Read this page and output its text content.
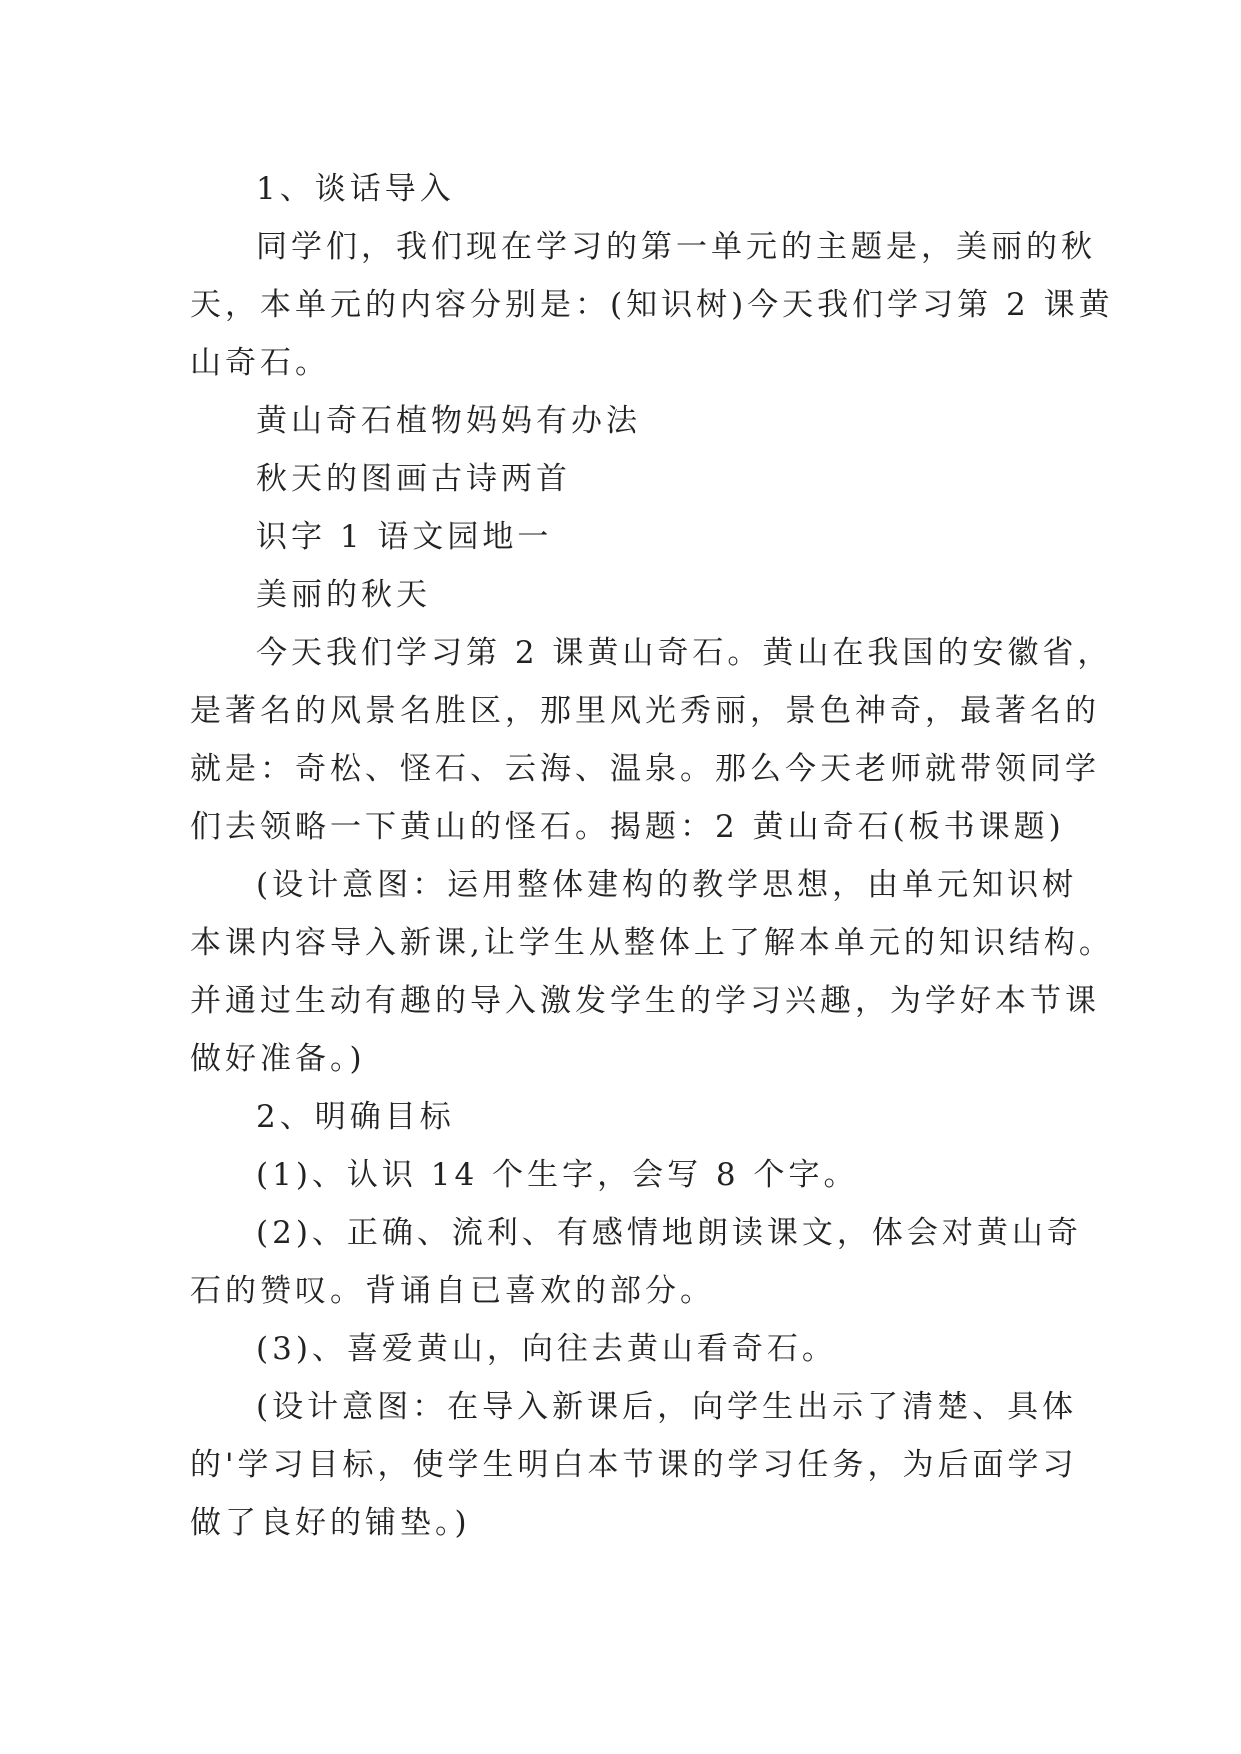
1、谈话导入
同学们，我们现在学习的第一单元的主题是，美丽的秋
天，本单元的内容分别是：(知识树)今天我们学习第 2 课黄
山奇石。
黄山奇石植物妈妈有办法
秋天的图画古诗两首
识字 1 语文园地一
美丽的秋天
今天我们学习第 2 课黄山奇石。黄山在我国的安徽省，
是著名的风景名胜区，那里风光秀丽，景色神奇，最著名的
就是：奇松、怪石、云海、温泉。那么今天老师就带领同学
们去领略一下黄山的怪石。揭题：2 黄山奇石(板书课题)
(设计意图：运用整体建构的教学思想，由单元知识树
本课内容导入新课,让学生从整体上了解本单元的知识结构。
并通过生动有趣的导入激发学生的学习兴趣，为学好本节课
做好准备。)
2、明确目标
(1)、认识 14 个生字，会写 8 个字。
(2)、正确、流利、有感情地朗读课文，体会对黄山奇
石的赞叹。背诵自已喜欢的部分。
(3)、喜爱黄山，向往去黄山看奇石。
(设计意图：在导入新课后，向学生出示了清楚、具体
的'学习目标，使学生明白本节课的学习任务，为后面学习
做了良好的铺垫。)
